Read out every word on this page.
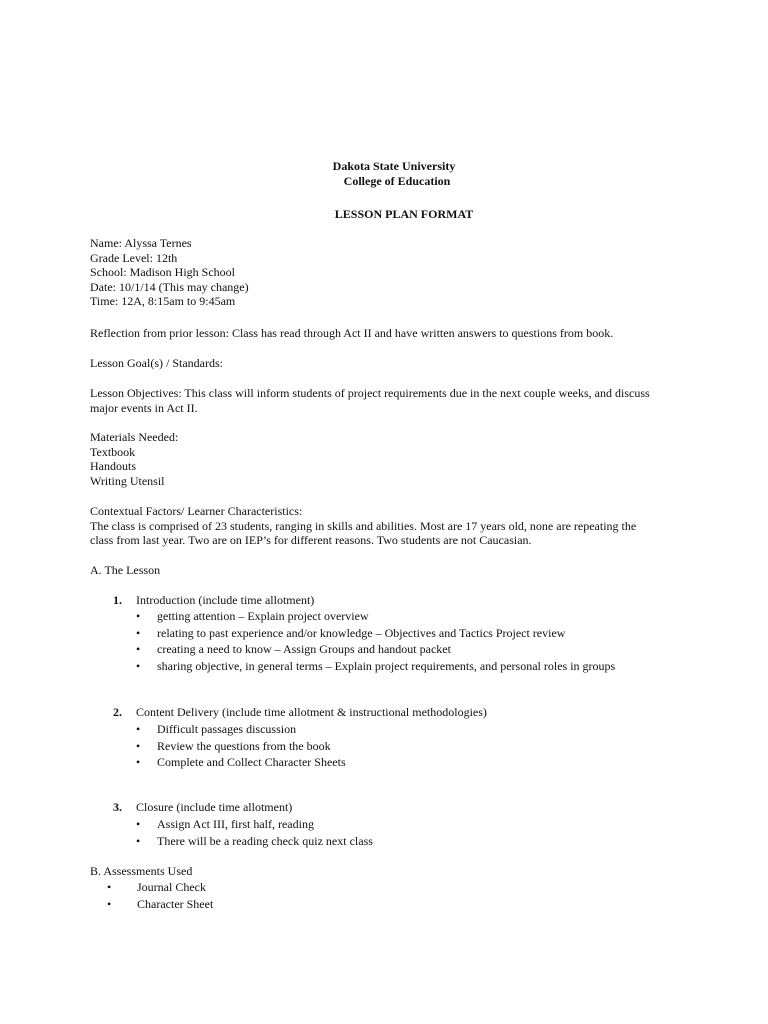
Dakota State University
College of Education
LESSON PLAN FORMAT
Name: Alyssa Ternes
Grade Level: 12th
School: Madison High School
Date: 10/1/14 (This may change)
Time: 12A, 8:15am to 9:45am
Reflection from prior lesson: Class has read through Act II and have written answers to questions from book.
Lesson Goal(s) / Standards:
Lesson Objectives: This class will inform students of project requirements due in the next couple weeks, and discuss
major events in Act II.
Materials Needed:
Textbook
Handouts
Writing Utensil
Contextual Factors/ Learner Characteristics:
The class is comprised of 23 students, ranging in skills and abilities. Most are 17 years old, none are repeating the
class from last year. Two are on IEP’s for different reasons. Two students are not Caucasian.
A. The Lesson
1. Introduction (include time allotment)
• getting attention – Explain project overview
• relating to past experience and/or knowledge – Objectives and Tactics Project review
• creating a need to know – Assign Groups and handout packet
• sharing objective, in general terms – Explain project requirements, and personal roles in groups
2. Content Delivery (include time allotment & instructional methodologies)
• Difficult passages discussion
• Review the questions from the book
• Complete and Collect Character Sheets
3. Closure (include time allotment)
• Assign Act III, first half, reading
• There will be a reading check quiz next class
B. Assessments Used
• Journal Check
• Character Sheet
